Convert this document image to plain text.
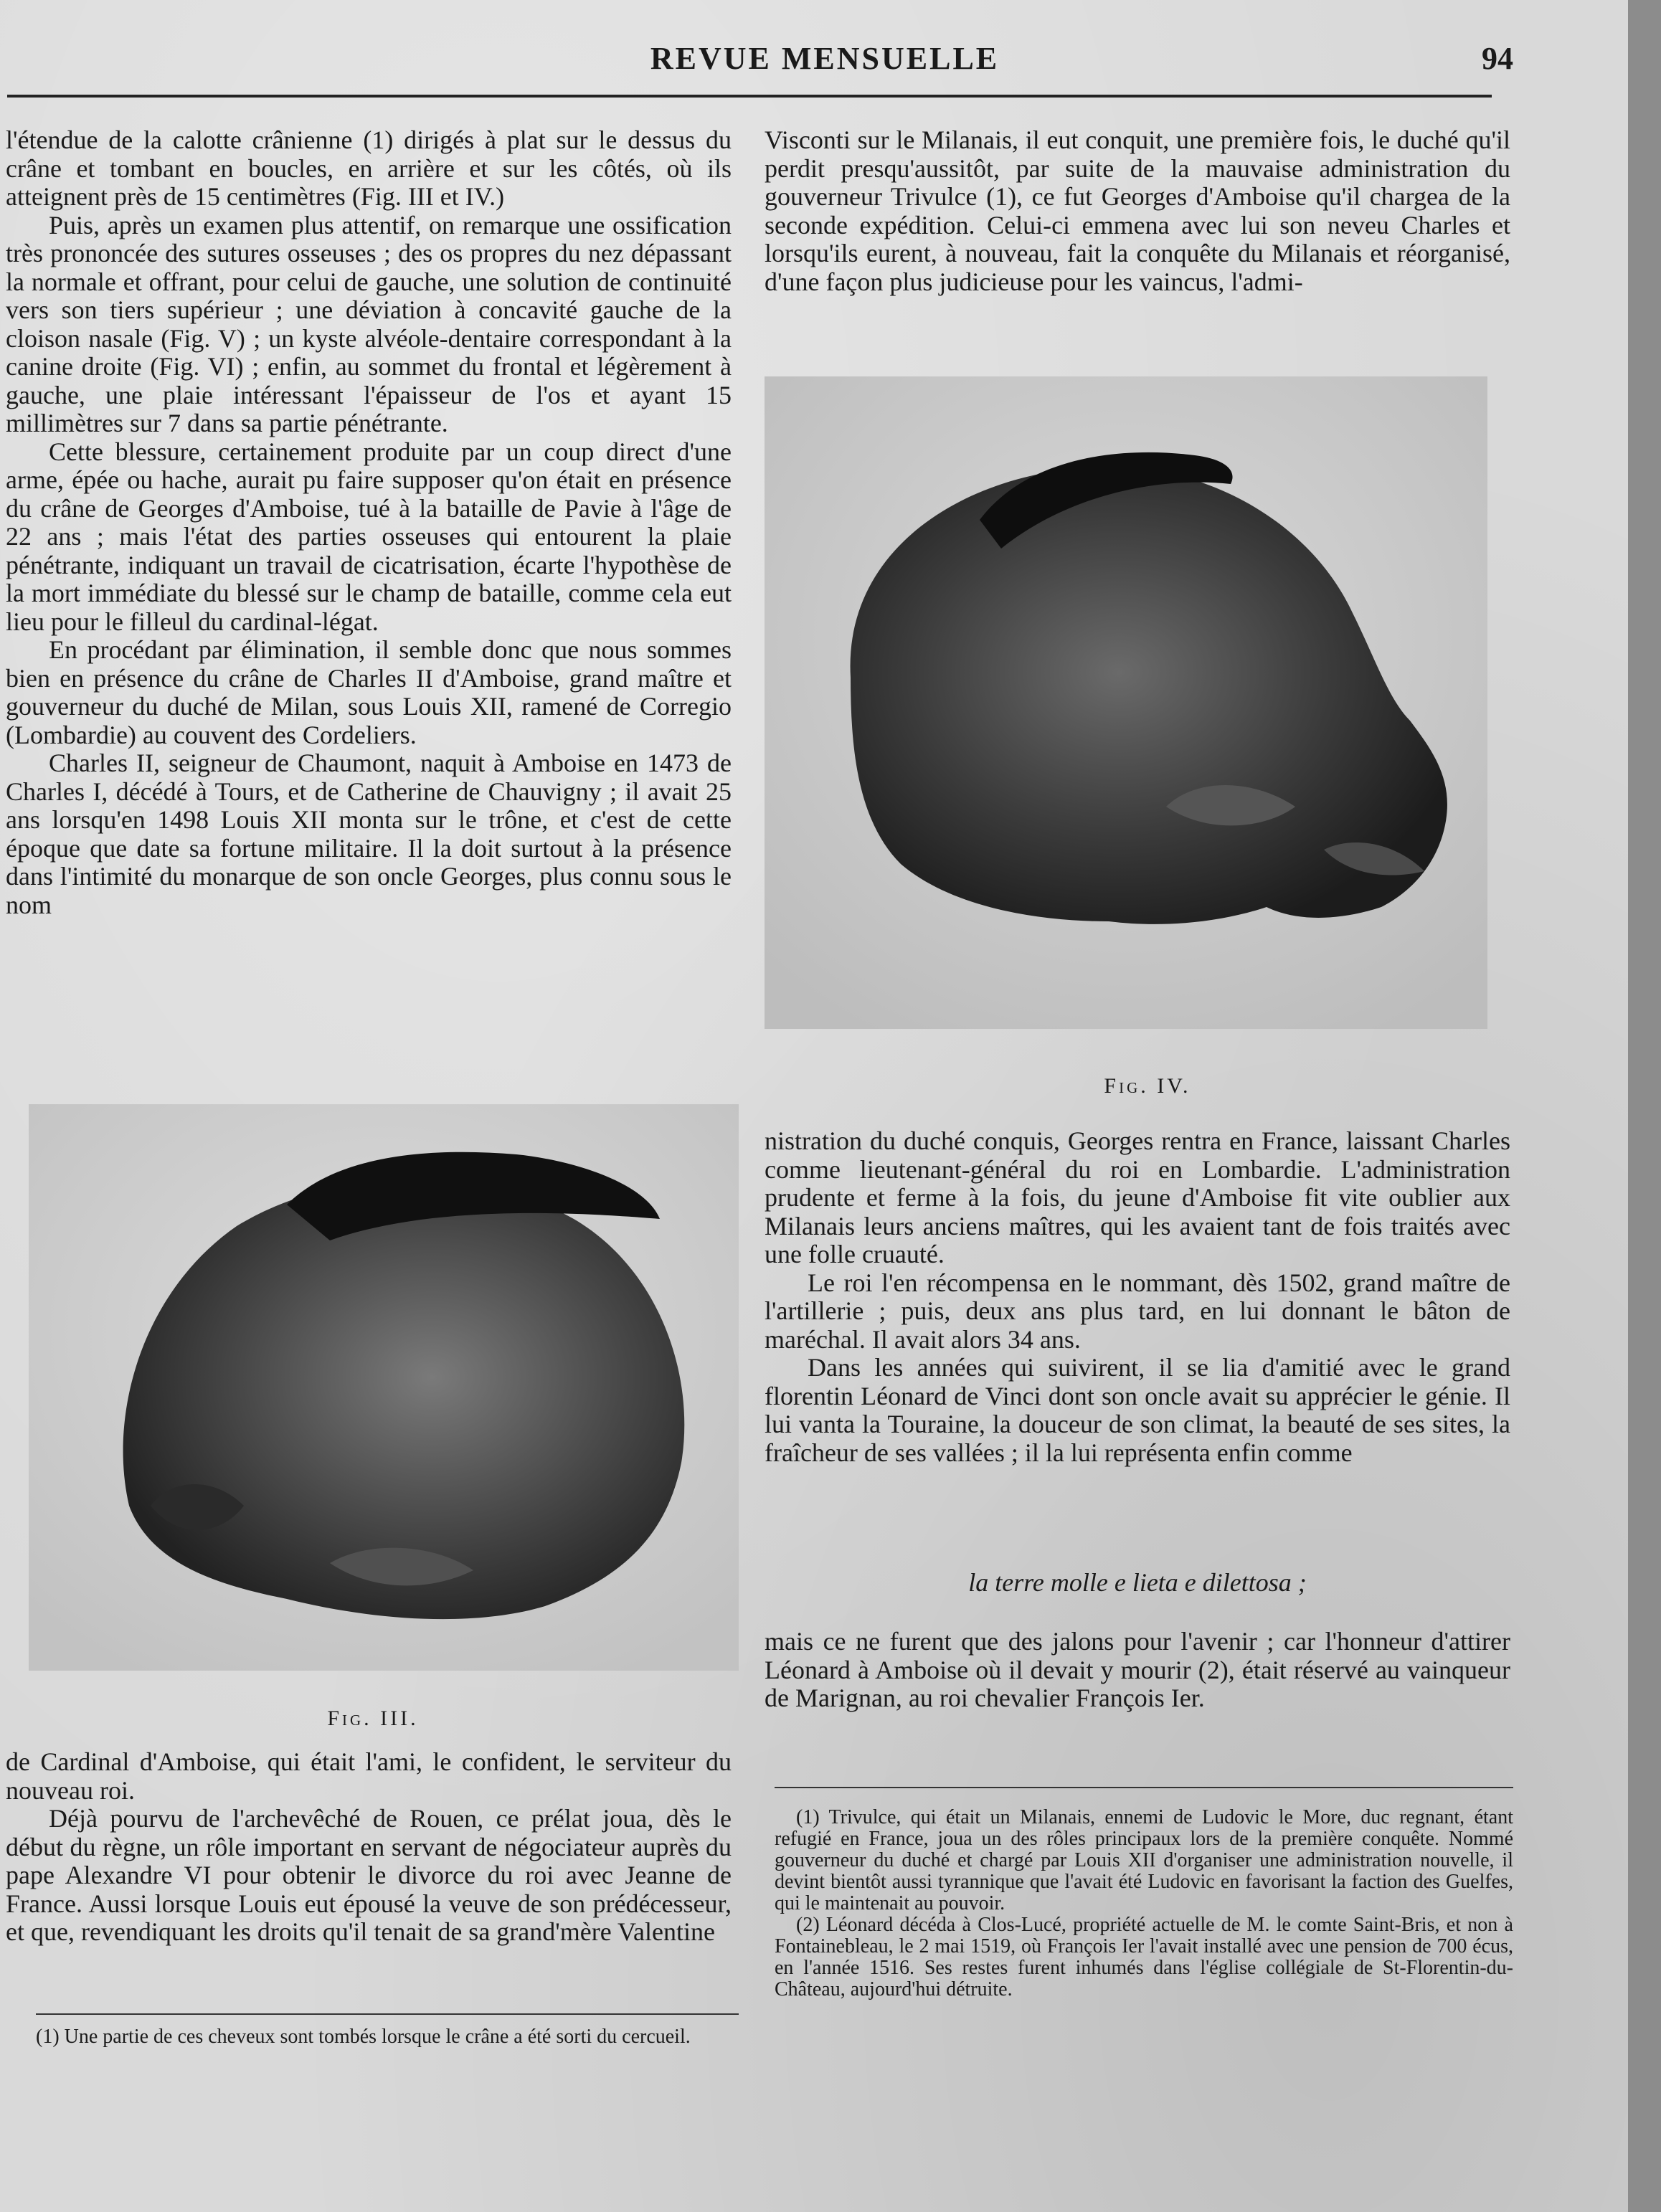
REVUE MENSUELLE	94

l'étendue de la calotte crânienne (1) dirigés à plat sur le dessus du crâne et tombant en boucles, en arrière et sur les côtés, où ils atteignent près de 15 centimètres (Fig. III et IV.)

Puis, après un examen plus attentif, on remarque une ossification très prononcée des sutures osseuses ; des os propres du nez dépassant la normale et offrant, pour celui de gauche, une solution de continuité vers son tiers supérieur ; une déviation à concavité gauche de la cloison nasale (Fig. V) ; un kyste alvéole-dentaire correspondant à la canine droite (Fig. VI) ; enfin, au sommet du frontal et légèrement à gauche, une plaie intéressant l'épaisseur de l'os et ayant 15 millimètres sur 7 dans sa partie pénétrante.

Cette blessure, certainement produite par un coup direct d'une arme, épée ou hache, aurait pu faire supposer qu'on était en présence du crâne de Georges d'Amboise, tué à la bataille de Pavie à l'âge de 22 ans ; mais l'état des parties osseuses qui entourent la plaie pénétrante, indiquant un travail de cicatrisation, écarte l'hypothèse de la mort immédiate du blessé sur le champ de bataille, comme cela eut lieu pour le filleul du cardinal-légat.

En procédant par élimination, il semble donc que nous sommes bien en présence du crâne de Charles II d'Amboise, grand maître et gouverneur du duché de Milan, sous Louis XII, ramené de Corregio (Lombardie) au couvent des Cordeliers.

Charles II, seigneur de Chaumont, naquit à Amboise en 1473 de Charles I, décédé à Tours, et de Catherine de Chauvigny ; il avait 25 ans lorsqu'en 1498 Louis XII monta sur le trône, et c'est de cette époque que date sa fortune militaire. Il la doit surtout à la présence dans l'intimité du monarque de son oncle Georges, plus connu sous le nom

Fig. IV.

Visconti sur le Milanais, il eut conquit, une première fois, le duché qu'il perdit presqu'aussitôt, par suite de la mauvaise administration du gouverneur Trivulce (1), ce fut Georges d'Amboise qu'il chargea de la seconde expédition. Celui-ci emmena avec lui son neveu Charles et lorsqu'ils eurent, à nouveau, fait la conquête du Milanais et réorganisé, d'une façon plus judicieuse pour les vaincus, l'admi-

nistration du duché conquis, Georges rentra en France, laissant Charles comme lieutenant-général du roi en Lombardie. L'administration prudente et ferme à la fois, du jeune d'Amboise fit vite oublier aux Milanais leurs anciens maîtres, qui les avaient tant de fois traités avec une folle cruauté.

Le roi l'en récompensa en le nommant, dès 1502, grand maître de l'artillerie ; puis, deux ans plus tard, en lui donnant le bâton de maréchal. Il avait alors 34 ans.

Dans les années qui suivirent, il se lia d'amitié avec le grand florentin Léonard de Vinci dont son oncle avait su apprécier le génie. Il lui vanta la Touraine, la douceur de son climat, la beauté de ses sites, la fraîcheur de ses vallées ; il la lui représenta enfin comme

la terre molle e lieta e dilettosa ;

mais ce ne furent que des jalons pour l'avenir ; car l'honneur d'attirer Léonard à Amboise où il devait y mourir (2), était réservé au vainqueur de Marignan, au roi chevalier François Ier.

Fig. III.

de Cardinal d'Amboise, qui était l'ami, le confident, le serviteur du nouveau roi.

Déjà pourvu de l'archevêché de Rouen, ce prélat joua, dès le début du règne, un rôle important en servant de négociateur auprès du pape Alexandre VI pour obtenir le divorce du roi avec Jeanne de France. Aussi lorsque Louis eut épousé la veuve de son prédécesseur, et que, revendiquant les droits qu'il tenait de sa grand'mère Valentine

(1) Une partie de ces cheveux sont tombés lorsque le crâne a été sorti du cercueil.

(1) Trivulce, qui était un Milanais, ennemi de Ludovic le More, duc regnant, étant refugié en France, joua un des rôles principaux lors de la première conquête. Nommé gouverneur du duché et chargé par Louis XII d'organiser une administration nouvelle, il devint bientôt aussi tyrannique que l'avait été Ludovic en favorisant la faction des Guelfes, qui le maintenait au pouvoir.

(2) Léonard décéda à Clos-Lucé, propriété actuelle de M. le comte Saint-Bris, et non à Fontainebleau, le 2 mai 1519, où François Ier l'avait installé avec une pension de 700 écus, en l'année 1516. Ses restes furent inhumés dans l'église collégiale de St-Florentin-du-Château, aujourd'hui détruite.
